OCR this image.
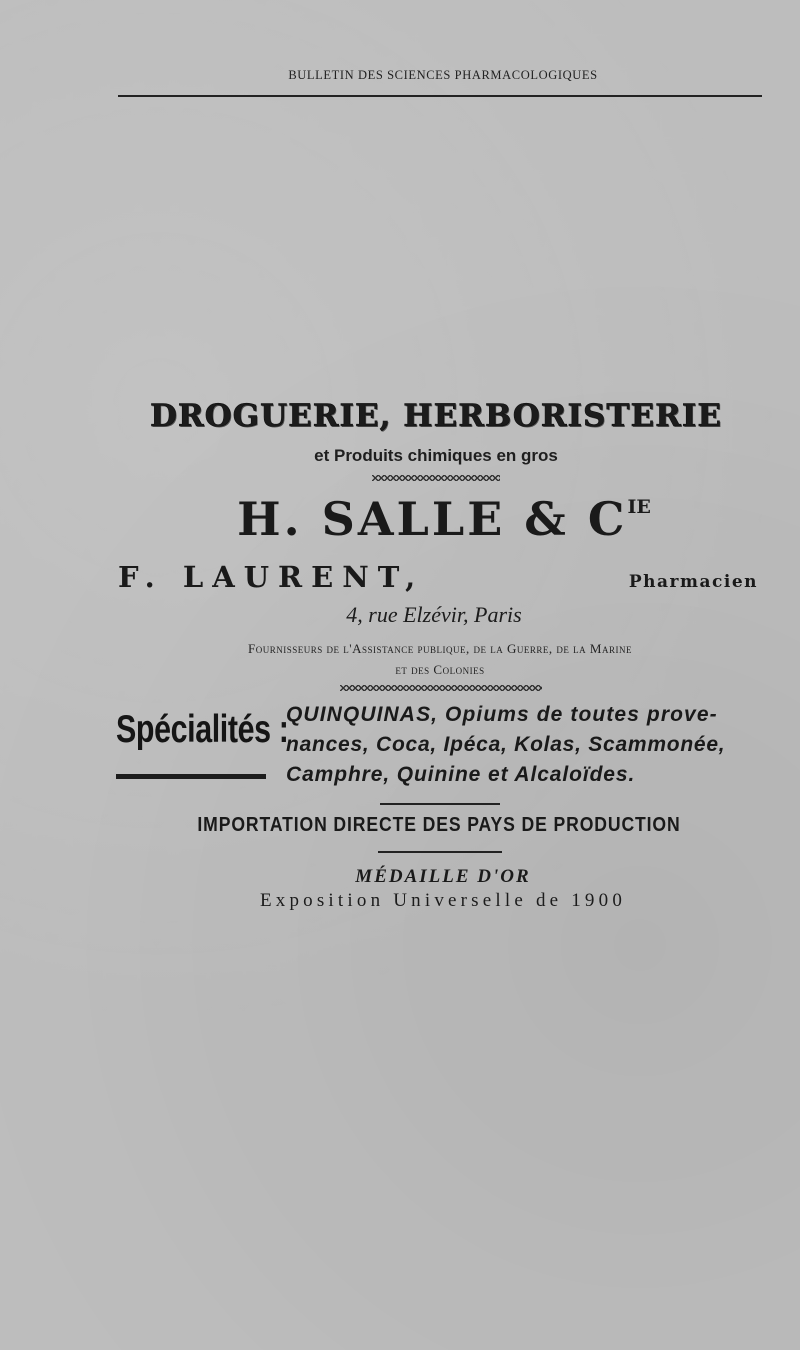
BULLETIN DES SCIENCES PHARMACOLOGIQUES
DROGUERIE, HERBORISTERIE
et Produits chimiques en gros
H. SALLE & $C^{IE}$
F. LAURENT,	Pharmacien
4, rue Elzévir, Paris
Fournisseurs de l'Assistance publique, de la Guerre, de la Marine
et des Colonies
Spécialités :
QUINQUINAS, Opiums de toutes prove-
nances, Coca, Ipéca, Kolas, Scammonée,
Camphre, Quinine et Alcaloïdes.
IMPORTATION DIRECTE DES PAYS DE PRODUCTION
MÉDAILLE D'OR
Exposition Universelle de 1900
